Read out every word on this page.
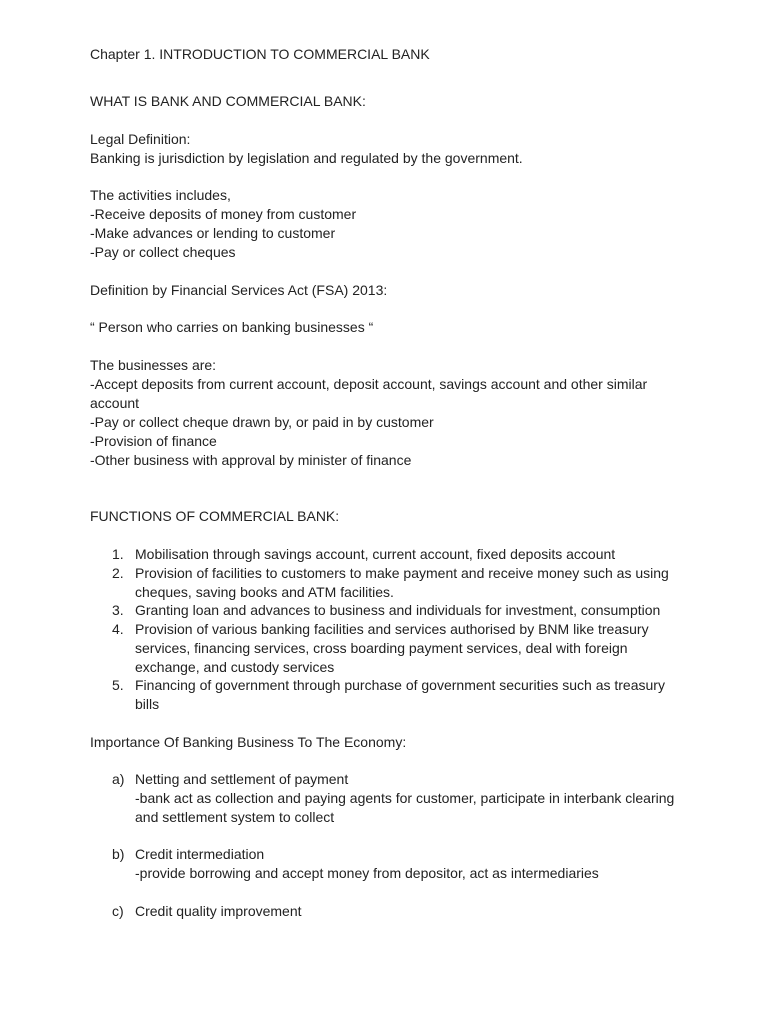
Chapter 1. INTRODUCTION TO COMMERCIAL BANK
WHAT IS BANK AND COMMERCIAL BANK:
Legal Definition:
Banking is jurisdiction by legislation and regulated by the government.
The activities includes,
-Receive deposits of money from customer
-Make advances or lending to customer
-Pay or collect cheques
Definition by Financial Services Act (FSA) 2013:
“ Person who carries on banking businesses “
The businesses are:
-Accept deposits from current account, deposit account, savings account and other similar account
-Pay or collect cheque drawn by, or paid in by customer
-Provision of finance
-Other business with approval by minister of finance
FUNCTIONS OF COMMERCIAL BANK:
1. Mobilisation through savings account, current account, fixed deposits account
2. Provision of facilities to customers to make payment and receive money such as using cheques, saving books and ATM facilities.
3. Granting loan and advances to business and individuals for investment, consumption
4. Provision of various banking facilities and services authorised by BNM like treasury services, financing services, cross boarding payment services, deal with foreign exchange, and custody services
5. Financing of government through purchase of government securities such as treasury bills
Importance Of Banking Business To The Economy:
a) Netting and settlement of payment
-bank act as collection and paying agents for customer, participate in interbank clearing and settlement system to collect
b) Credit intermediation
-provide borrowing and accept money from depositor, act as intermediaries
c) Credit quality improvement
